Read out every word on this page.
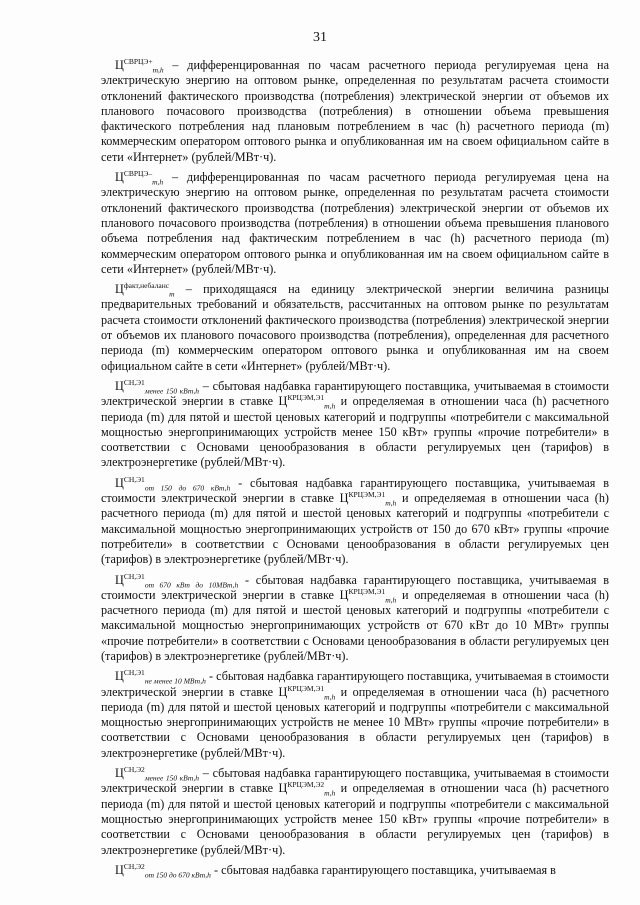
31

$Ц^{СВРЦЭ+}_{m,h}$ – дифференцированная по часам расчетного периода регулируемая цена на электрическую энергию на оптовом рынке, определенная по результатам расчета стоимости отклонений фактического производства (потребления) электрической энергии от объемов их планового почасового производства (потребления) в отношении объема превышения фактического потребления над плановым потреблением в час (h) расчетного периода (m) коммерческим оператором оптового рынка и опубликованная им на своем официальном сайте в сети «Интернет» (рублей/МВт·ч).

$Ц^{СВРЦЭ-}_{m,h}$ – дифференцированная по часам расчетного периода регулируемая цена на электрическую энергию на оптовом рынке, определенная по результатам расчета стоимости отклонений фактического производства (потребления) электрической энергии от объемов их планового почасового производства (потребления) в отношении объема превышения планового объема потребления над фактическим потреблением в час (h) расчетного периода (m) коммерческим оператором оптового рынка и опубликованная им на своем официальном сайте в сети «Интернет» (рублей/МВт·ч).

$Ц^{факт,небаланс}_m$ – приходящаяся на единицу электрической энергии величина разницы предварительных требований и обязательств, рассчитанных на оптовом рынке по результатам расчета стоимости отклонений фактического производства (потребления) электрической энергии от объемов их планового почасового производства (потребления), определенная для расчетного периода (m) коммерческим оператором оптового рынка и опубликованная им на своем официальном сайте в сети «Интернет» (рублей/МВт·ч).

$Ц^{СН,Э1}_{менее 150 кВт,h}$ – сбытовая надбавка гарантирующего поставщика, учитываемая в стоимости электрической энергии в ставке $Ц^{КРЦЭМ,Э1}_{m,h}$ и определяемая в отношении часа (h) расчетного периода (m) для пятой и шестой ценовых категорий и подгруппы «потребители с максимальной мощностью энергопринимающих устройств менее 150 кВт» группы «прочие потребители» в соответствии с Основами ценообразования в области регулируемых цен (тарифов) в электроэнергетике (рублей/МВт·ч).

$Ц^{СН,Э1}_{от 150 до 670 кВт,h}$ - сбытовая надбавка гарантирующего поставщика, учитываемая в стоимости электрической энергии в ставке $Ц^{КРЦЭМ,Э1}_{m,h}$ и определяемая в отношении часа (h) расчетного периода (m) для пятой и шестой ценовых категорий и подгруппы «потребители с максимальной мощностью энергопринимающих устройств от 150 до 670 кВт» группы «прочие потребители» в соответствии с Основами ценообразования в области регулируемых цен (тарифов) в электроэнергетике (рублей/МВт·ч).

$Ц^{СН,Э1}_{от 670 кВт до 10МВт,h}$ - сбытовая надбавка гарантирующего поставщика, учитываемая в стоимости электрической энергии в ставке $Ц^{КРЦЭМ,Э1}_{m,h}$ и определяемая в отношении часа (h) расчетного периода (m) для пятой и шестой ценовых категорий и подгруппы «потребители с максимальной мощностью энергопринимающих устройств от 670 кВт до 10 МВт» группы «прочие потребители» в соответствии с Основами ценообразования в области регулируемых цен (тарифов) в электроэнергетике (рублей/МВт·ч).

$Ц^{СН,Э1}_{не менее 10 МВт,h}$ - сбытовая надбавка гарантирующего поставщика, учитываемая в стоимости электрической энергии в ставке $Ц^{КРЦЭМ,Э1}_{m,h}$ и определяемая в отношении часа (h) расчетного периода (m) для пятой и шестой ценовых категорий и подгруппы «потребители с максимальной мощностью энергопринимающих устройств не менее 10 МВт» группы «прочие потребители» в соответствии с Основами ценообразования в области регулируемых цен (тарифов) в электроэнергетике (рублей/МВт·ч).

$Ц^{СН,Э2}_{менее 150 кВт,h}$ – сбытовая надбавка гарантирующего поставщика, учитываемая в стоимости электрической энергии в ставке $Ц^{КРЦЭМ,Э2}_{m,h}$ и определяемая в отношении часа (h) расчетного периода (m) для пятой и шестой ценовых категорий и подгруппы «потребители с максимальной мощностью энергопринимающих устройств менее 150 кВт» группы «прочие потребители» в соответствии с Основами ценообразования в области регулируемых цен (тарифов) в электроэнергетике (рублей/МВт·ч).

$Ц^{СН,Э2}_{от 150 до 670 кВт,h}$ - сбытовая надбавка гарантирующего поставщика, учитываемая в
